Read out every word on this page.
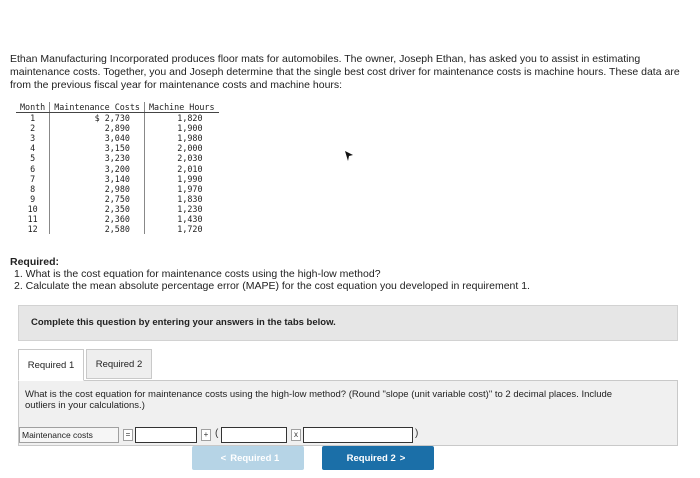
Ethan Manufacturing Incorporated produces floor mats for automobiles. The owner, Joseph Ethan, has asked you to assist in estimating maintenance costs. Together, you and Joseph determine that the single best cost driver for maintenance costs is machine hours. These data are from the previous fiscal year for maintenance costs and machine hours:
Month	Maintenance Costs	Machine Hours
1	$ 2,730	1,820
2	2,890	1,900
3	3,040	1,980
4	3,150	2,000
5	3,230	2,030
6	3,200	2,010
7	3,140	1,990
8	2,980	1,970
9	2,750	1,830
10	2,350	1,230
11	2,360	1,430
12	2,580	1,720
Required:
1. What is the cost equation for maintenance costs using the high-low method?
2. Calculate the mean absolute percentage error (MAPE) for the cost equation you developed in requirement 1.
Complete this question by entering your answers in the tabs below.
Required 1	Required 2
What is the cost equation for maintenance costs using the high-low method? (Round "slope (unit variable cost)" to 2 decimal places. Include outliers in your calculations.)
Maintenance costs	=	+ (	x	)
< Required 1	Required 2 >
